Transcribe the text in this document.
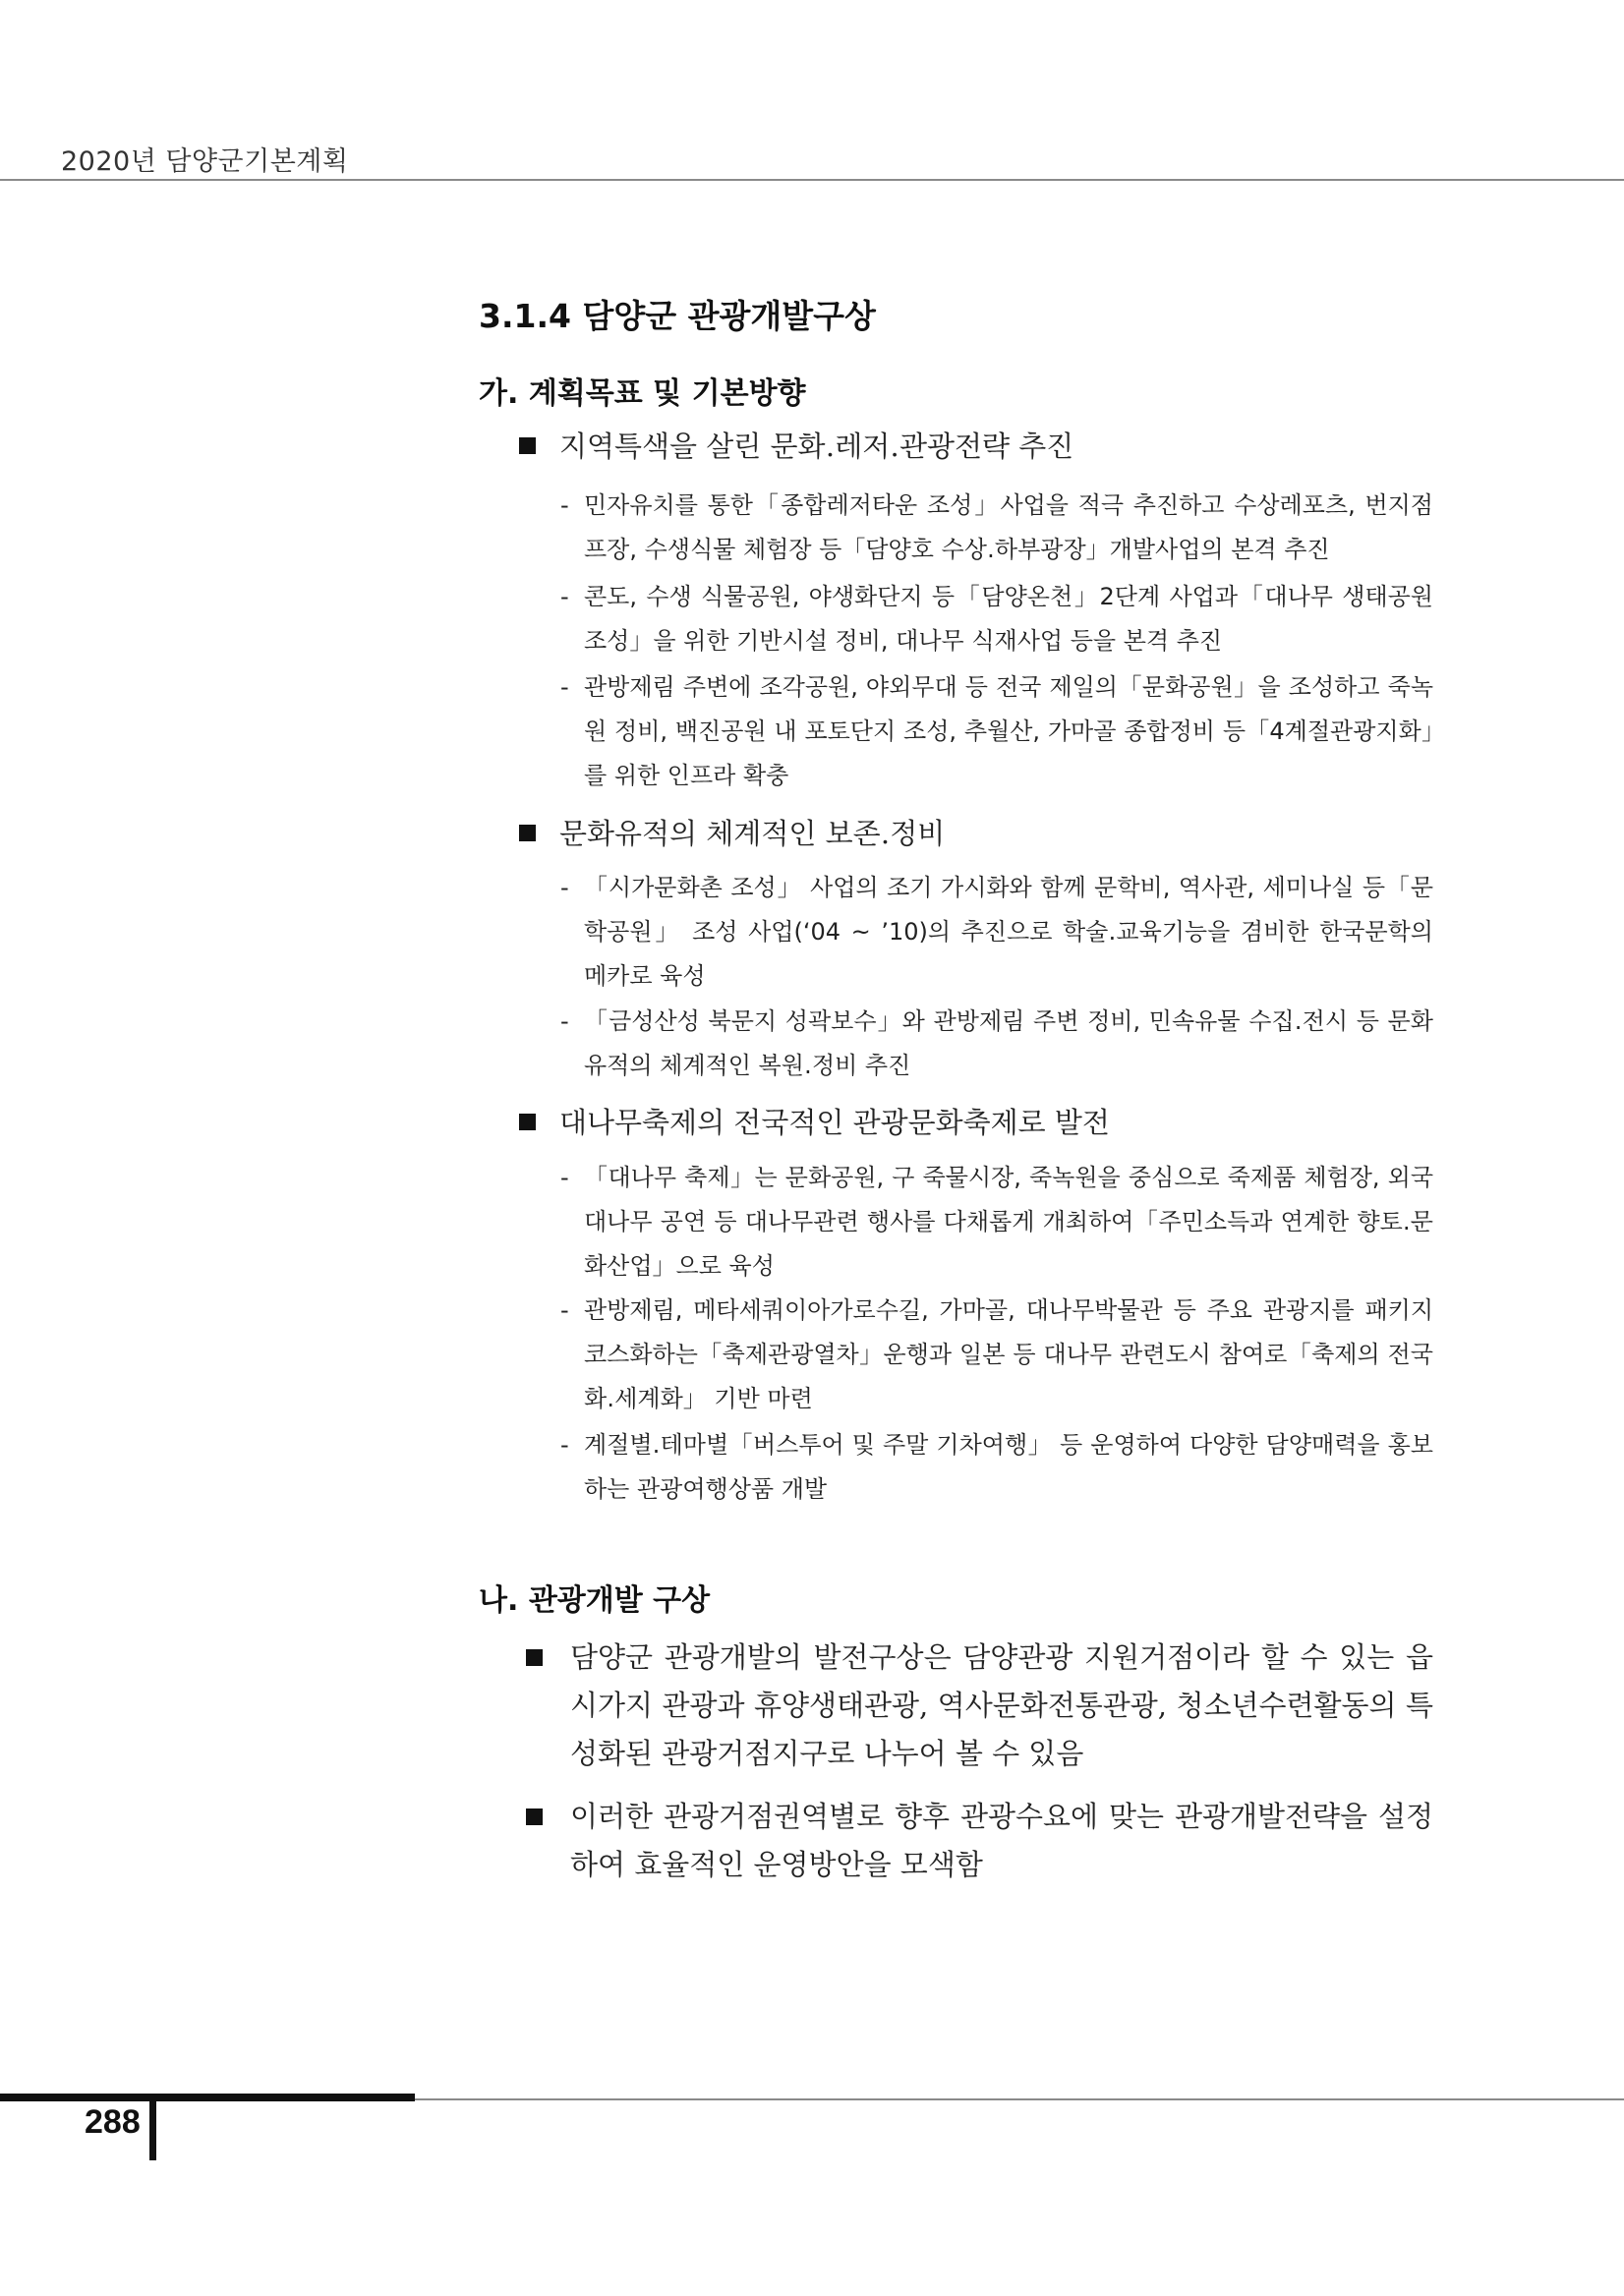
2020년 담양군기본계획
3.1.4 담양군 관광개발구상
가. 계획목표 및 기본방향
지역특색을 살린 문화․레저․관광전략 추진
- 민자유치를 통한「종합레저타운 조성」사업을 적극 추진하고 수상레포츠, 번지점프장, 수생식물 체험장 등「담양호 수상․하부광장」개발사업의 본격 추진
- 콘도, 수생 식물공원, 야생화단지 등「담양온천」2단계 사업과「대나무 생태공원조성」을 위한 기반시설 정비, 대나무 식재사업 등을 본격 추진
- 관방제림 주변에 조각공원, 야외무대 등 전국 제일의「문화공원」을 조성하고 죽녹원 정비, 백진공원 내 포토단지 조성, 추월산, 가마골 종합정비 등「4계절관광지화」를 위한 인프라 확충
문화유적의 체계적인 보존․정비
- 「시가문화촌 조성」 사업의 조기 가시화와 함께 문학비, 역사관, 세미나실 등「문학공원」 조성 사업(‘04 ~ ’10)의 추진으로 학술․교육기능을 겸비한 한국문학의 메카로 육성
- 「금성산성 북문지 성곽보수」와 관방제림 주변 정비, 민속유물 수집․전시 등 문화유적의 체계적인 복원․정비 추진
대나무축제의 전국적인 관광문화축제로 발전
- 「대나무 축제」는 문화공원, 구 죽물시장, 죽녹원을 중심으로 죽제품 체험장, 외국 대나무 공연 등 대나무관련 행사를 다채롭게 개최하여「주민소득과 연계한 향토․문화산업」으로 육성
- 관방제림, 메타세쿼이아가로수길, 가마골, 대나무박물관 등 주요 관광지를 패키지 코스화하는「축제관광열차」운행과 일본 등 대나무 관련도시 참여로「축제의 전국화․세계화」 기반 마련
- 계절별․테마별「버스투어 및 주말 기차여행」 등 운영하여 다양한 담양매력을 홍보하는 관광여행상품 개발
나. 관광개발 구상
담양군 관광개발의 발전구상은 담양관광 지원거점이라 할 수 있는 읍시가지 관광과 휴양생태관광, 역사문화전통관광, 청소년수련활동의 특성화된 관광거점지구로 나누어 볼 수 있음
이러한 관광거점권역별로 향후 관광수요에 맞는 관광개발전략을 설정하여 효율적인 운영방안을 모색함
288
